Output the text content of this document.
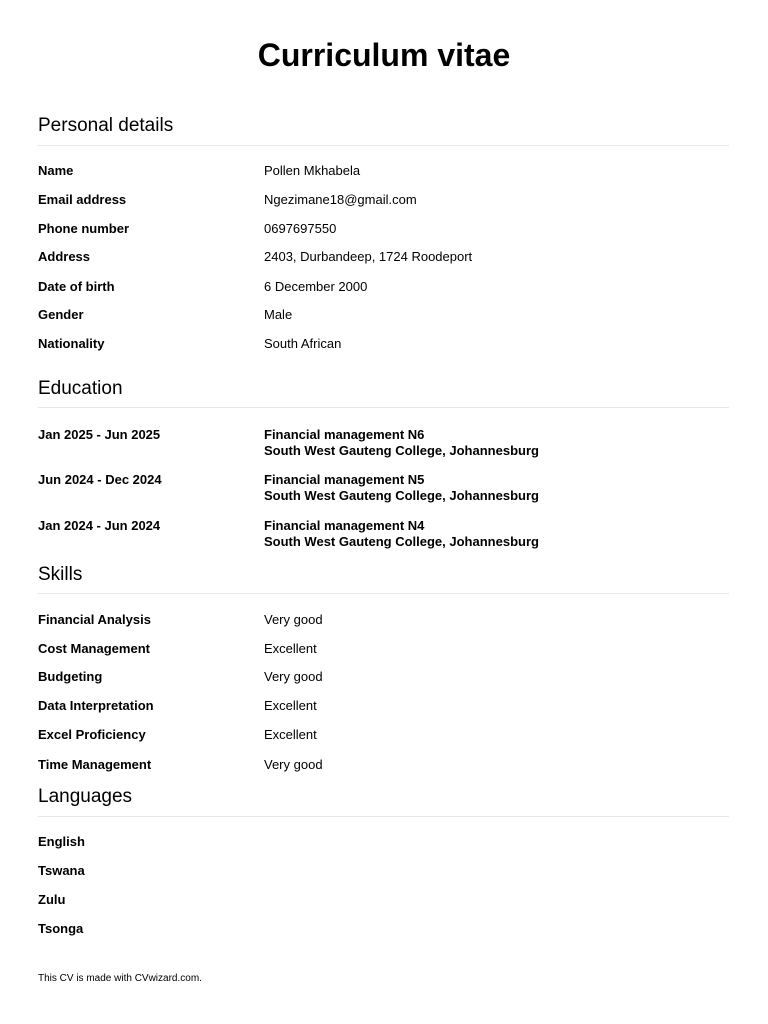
Curriculum vitae
Personal details
Name	Pollen Mkhabela
Email address	Ngezimane18@gmail.com
Phone number	0697697550
Address	2403, Durbandeep, 1724 Roodeport
Date of birth	6 December 2000
Gender	Male
Nationality	South African
Education
Jan 2025 - Jun 2025	Financial management N6
South West Gauteng College, Johannesburg
Jun 2024 - Dec 2024	Financial management N5
South West Gauteng College, Johannesburg
Jan 2024 - Jun 2024	Financial management N4
South West Gauteng College, Johannesburg
Skills
Financial Analysis	Very good
Cost Management	Excellent
Budgeting	Very good
Data Interpretation	Excellent
Excel Proficiency	Excellent
Time Management	Very good
Languages
English
Tswana
Zulu
Tsonga
This CV is made with CVwizard.com.
